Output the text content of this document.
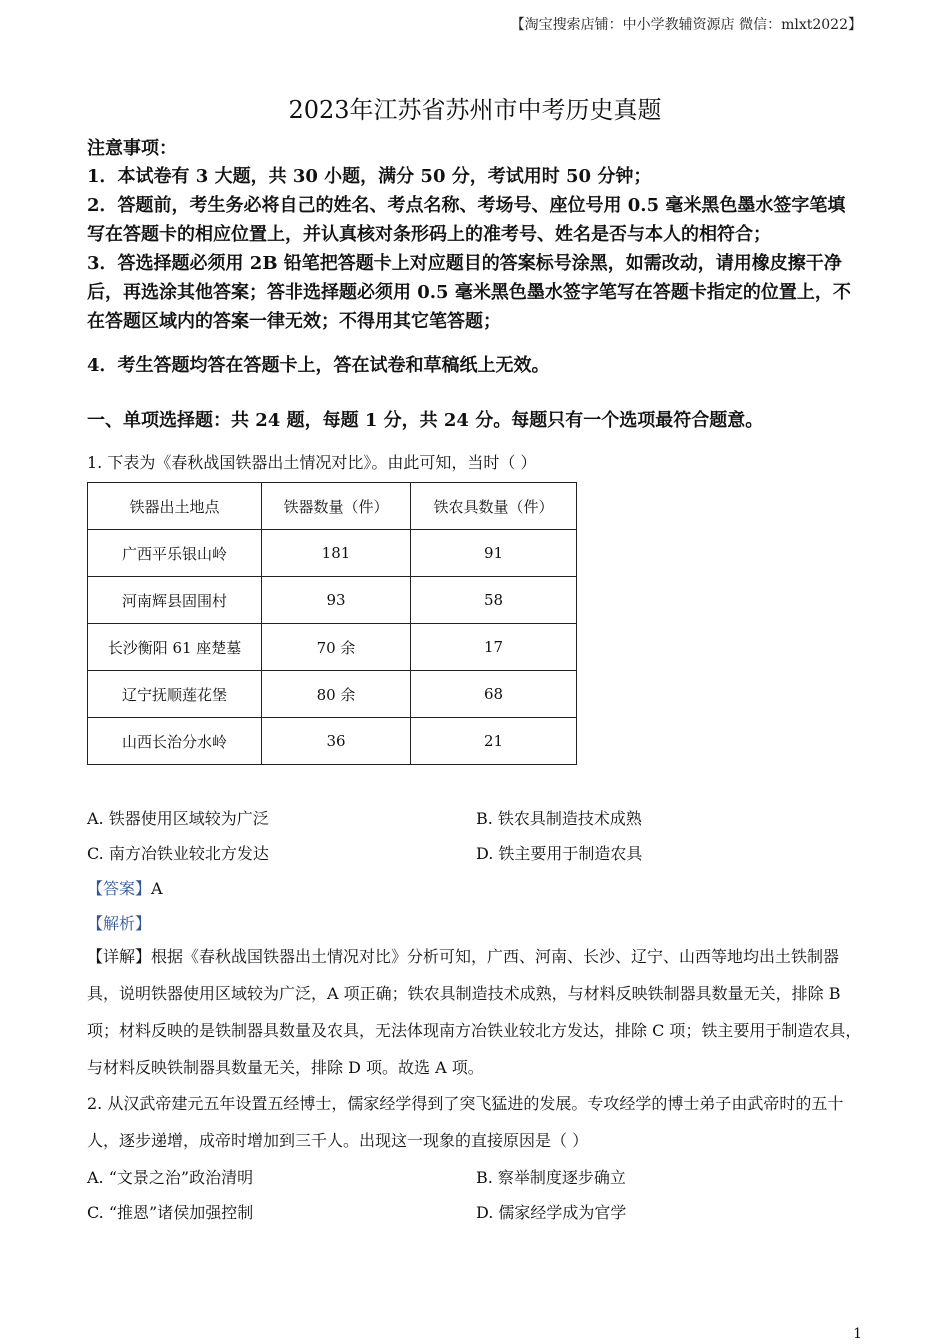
【淘宝搜索店铺：中小学教辅资源店 微信：mlxt2022】
2023年江苏省苏州市中考历史真题
注意事项：
1．本试卷有 3 大题，共 30 小题，满分 50 分，考试用时 50 分钟；
2．答题前，考生务必将自己的姓名、考点名称、考场号、座位号用 0.5 毫米黑色墨水签字笔填写在答题卡的相应位置上，并认真核对条形码上的准考号、姓名是否与本人的相符合；
3．答选择题必须用 2B 铅笔把答题卡上对应题目的答案标号涂黑，如需改动，请用橡皮擦干净后，再选涂其他答案；答非选择题必须用 0.5 毫米黑色墨水签字笔写在答题卡指定的位置上，不在答题区域内的答案一律无效；不得用其它笔答题；
4．考生答题均答在答题卡上，答在试卷和草稿纸上无效。
一、单项选择题：共 24 题，每题 1 分，共 24 分。每题只有一个选项最符合题意。
1. 下表为《春秋战国铁器出土情况对比》。由此可知，当时（ ）
铁器出土地点	铁器数量（件）	铁农具数量（件）
广西平乐银山岭	181	91
河南辉县固围村	93	58
长沙衡阳 61 座楚墓	70 余	17
辽宁抚顺莲花堡	80 余	68
山西长治分水岭	36	21
A. 铁器使用区域较为广泛	B. 铁农具制造技术成熟
C. 南方冶铁业较北方发达	D. 铁主要用于制造农具
【答案】A
【解析】
【详解】根据《春秋战国铁器出土情况对比》分析可知，广西、河南、长沙、辽宁、山西等地均出土铁制器具，说明铁器使用区域较为广泛，A 项正确；铁农具制造技术成熟，与材料反映铁制器具数量无关，排除 B 项；材料反映的是铁制器具数量及农具，无法体现南方冶铁业较北方发达，排除 C 项；铁主要用于制造农具，与材料反映铁制器具数量无关，排除 D 项。故选 A 项。
2. 从汉武帝建元五年设置五经博士，儒家经学得到了突飞猛进的发展。专攻经学的博士弟子由武帝时的五十人，逐步递增，成帝时增加到三千人。出现这一现象的直接原因是（ ）
A. “文景之治”政治清明	B. 察举制度逐步确立
C. “推恩”诸侯加强控制	D. 儒家经学成为官学
1
